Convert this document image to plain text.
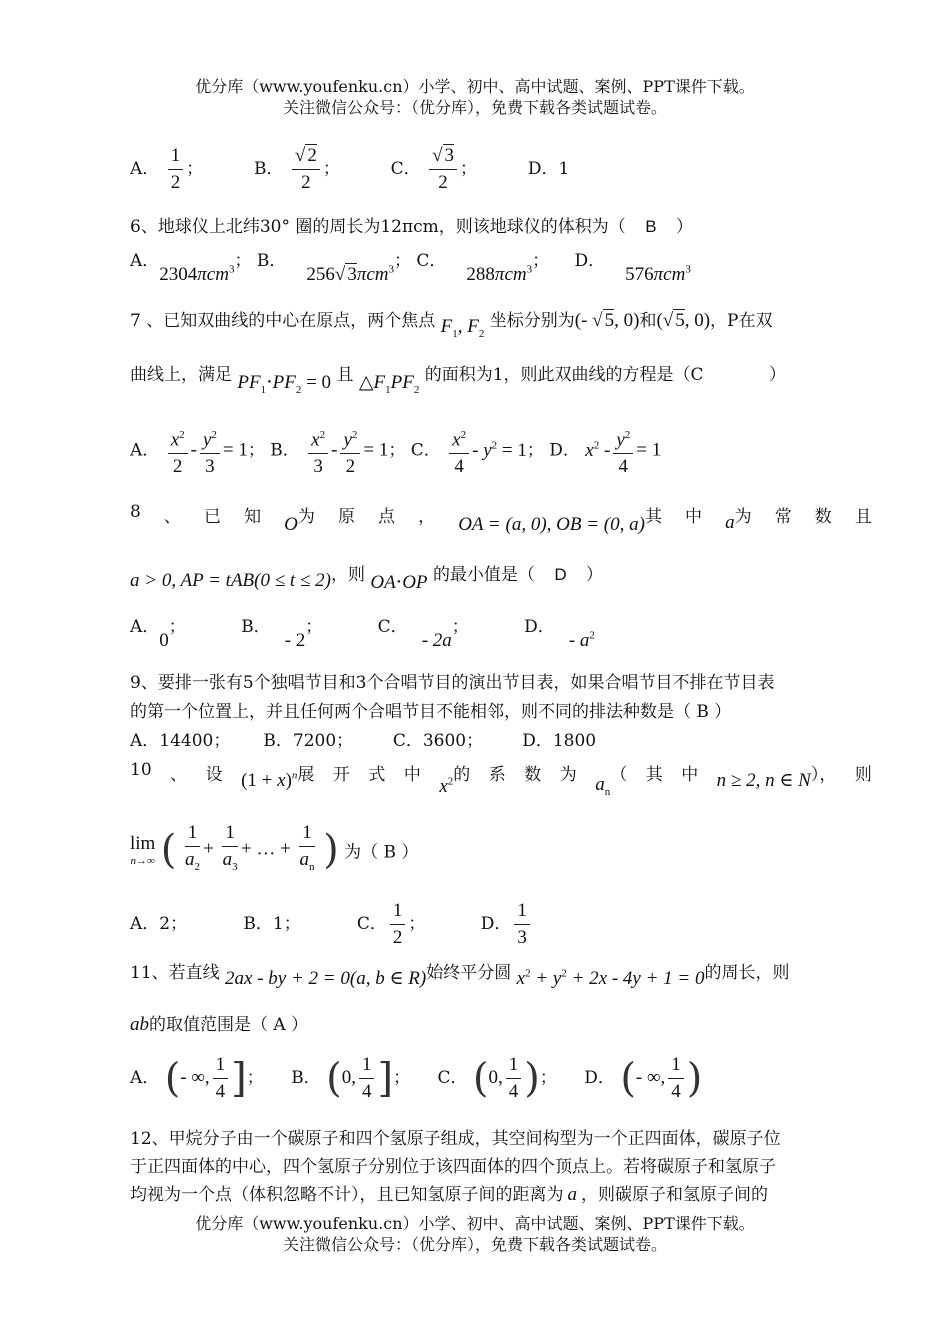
优分库（www.youfenku.cn）小学、初中、高中试题、案例、PPT课件下载。
关注微信公众号：（优分库），免费下载各类试题试卷。
A． $\frac{1}{2}$ ；	B． $\frac{√ 2}{2}$ ；	C． $\frac{√ 3}{2}$ ；	D．1
6、地球仪上北纬30° 圈的周长为12πcm，则该地球仪的体积为（ B ）
A．2304πcm$^3$； B．256√ 3πcm$^3$； C．288πcm$^3$； D．576πcm$^3$
7 、已知双曲线的中心在原点，两个焦点 $F_1$, $F_2$ 坐标分别为(- √ 5, 0)和(√ 5, 0)，P在双
曲线上，满足 $PF_1\cdot PF_2 = 0$ 且 $\triangle F_1PF_2$ 的面积为1，则此双曲线的方程是（C	）
A． $\frac{x^2}{2} - \frac{y^2}{3} = 1$； B． $\frac{x^2}{3} - \frac{y^2}{2} = 1$； C． $\frac{x^2}{4} - y^2 = 1$； D． $x^2 - \frac{y^2}{4} = 1$
8 、 已 知 O为 原 点 ， OA = (a, 0), OB = (0, a)其 中 a为 常 数 且
a > 0, AP = tAB(0 ≤ t ≤ 2)，则 OA⋅OP 的最小值是（ D ）
A．0；	B．- 2；	C．- 2a；	D．- $a^2$
9、要排一张有5个独唱节目和3个合唱节目的演出节目表，如果合唱节目不排在节目表
的第一个位置上，并且任何两个合唱节目不能相邻，则不同的排法种数是（ B ）
A．14400； B．7200； C．3600； D．1800
10 、 设 $(1 + x)^n$展 开 式 中
$x^2$的 系 数 为 $a_n$（ 其 中 n ≥ 2, n ∈ N）， 则
lim
n→∞ ( $\frac{1}{a_2} + \frac{1}{a_3}$ + … + $\frac{1}{a_n}$ ) 为（ B ）
A．2；	B．1；	C． $\frac{1}{2}$ ；	D． $\frac{1}{3}$
11、若直线 2ax - by + 2 = 0(a, b ∈ R)始终平分圆 $x^2 + y^2 + 2x - 4y + 1 = 0$的周长，则
ab的取值范围是（ A ）
A． (- ∞, $\frac{1}{4}$ ]； B． (0, $\frac{1}{4}$ ]； C． (0, $\frac{1}{4}$ )； D． (- ∞, $\frac{1}{4}$ )
12、甲烷分子由一个碳原子和四个氢原子组成，其空间构型为一个正四面体，碳原子位
于正四面体的中心，四个氢原子分别位于该四面体的四个顶点上。若将碳原子和氢原子
均视为一个点（体积忽略不计），且已知氢原子间的距离为 a ，则碳原子和氢原子间的
优分库（www.youfenku.cn）小学、初中、高中试题、案例、PPT课件下载。
关注微信公众号：（优分库），免费下载各类试题试卷。
